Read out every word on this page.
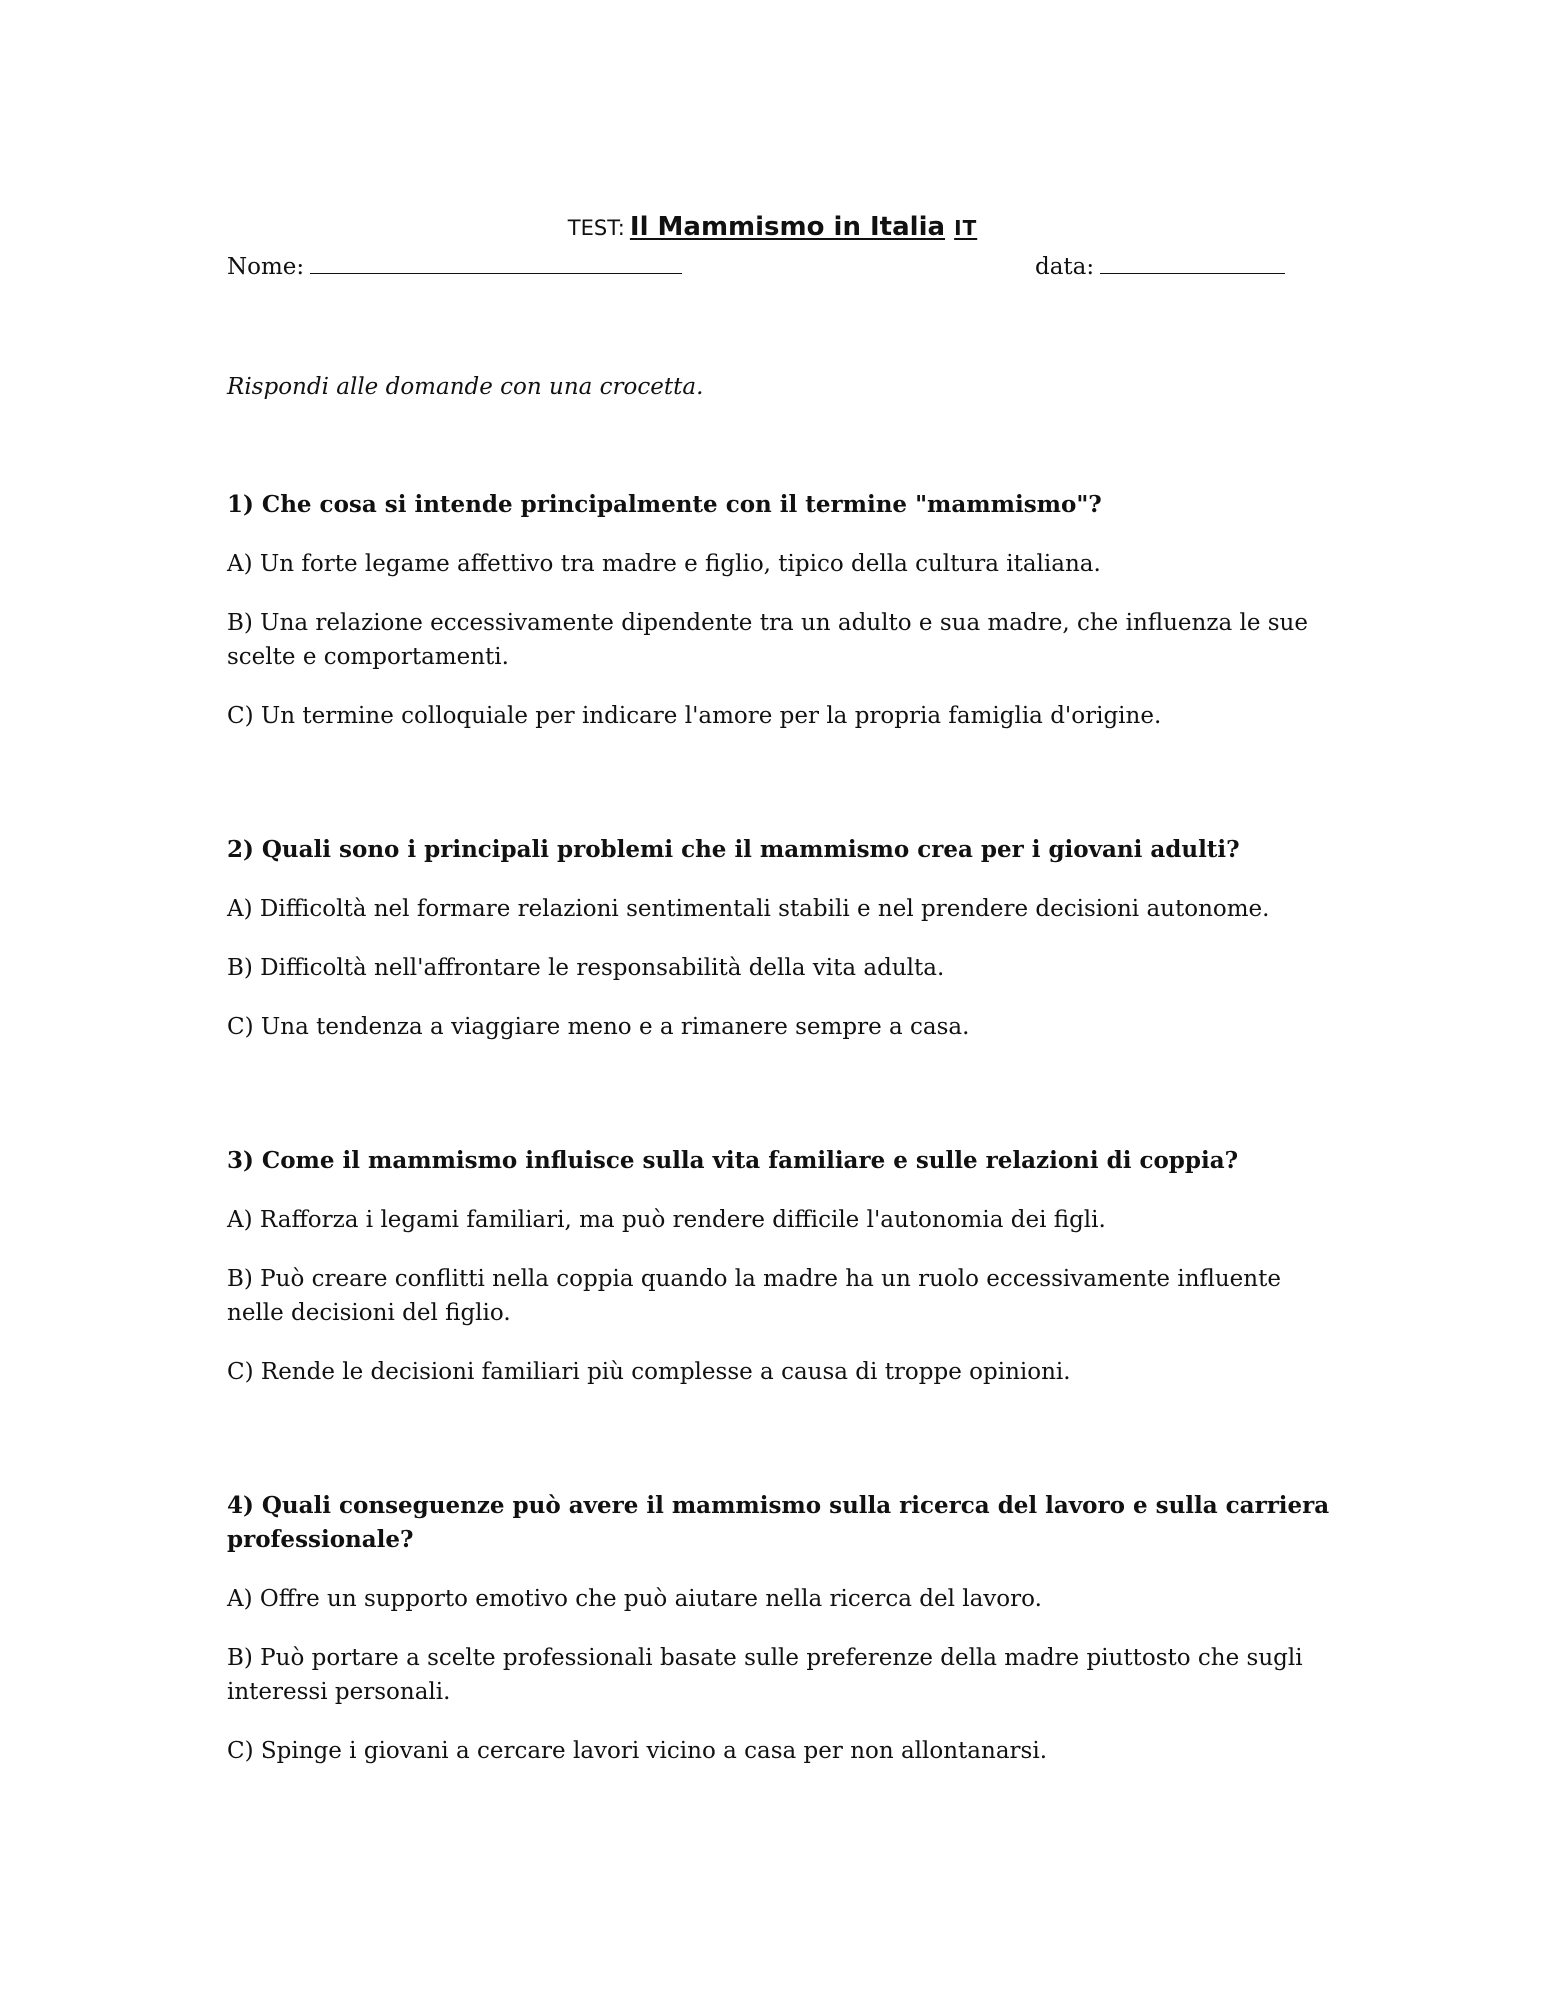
TEST: Il Mammismo in Italia IT
Nome:	data:

Rispondi alle domande con una crocetta.

1) Che cosa si intende principalmente con il termine "mammismo"?

A) Un forte legame affettivo tra madre e figlio, tipico della cultura italiana.

B) Una relazione eccessivamente dipendente tra un adulto e sua madre, che influenza le sue scelte e comportamenti.

C) Un termine colloquiale per indicare l'amore per la propria famiglia d'origine.

2) Quali sono i principali problemi che il mammismo crea per i giovani adulti?

A) Difficoltà nel formare relazioni sentimentali stabili e nel prendere decisioni autonome.

B) Difficoltà nell'affrontare le responsabilità della vita adulta.

C) Una tendenza a viaggiare meno e a rimanere sempre a casa.

3) Come il mammismo influisce sulla vita familiare e sulle relazioni di coppia?

A) Rafforza i legami familiari, ma può rendere difficile l'autonomia dei figli.

B) Può creare conflitti nella coppia quando la madre ha un ruolo eccessivamente influente nelle decisioni del figlio.

C) Rende le decisioni familiari più complesse a causa di troppe opinioni.

4) Quali conseguenze può avere il mammismo sulla ricerca del lavoro e sulla carriera professionale?

A) Offre un supporto emotivo che può aiutare nella ricerca del lavoro.

B) Può portare a scelte professionali basate sulle preferenze della madre piuttosto che sugli interessi personali.

C) Spinge i giovani a cercare lavori vicino a casa per non allontanarsi.
